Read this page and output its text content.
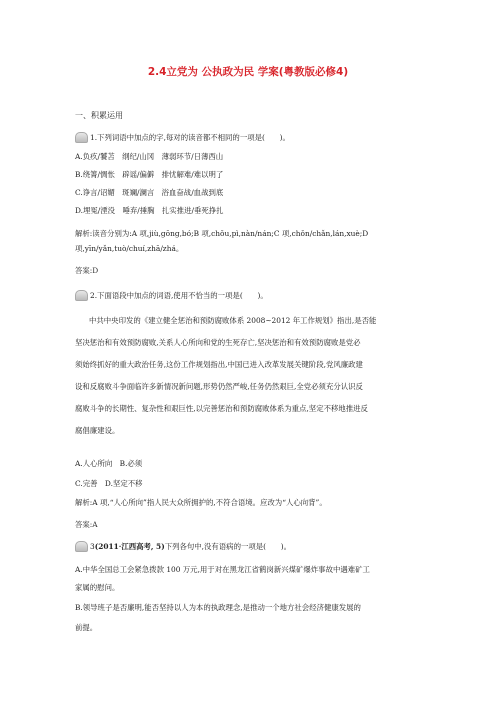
2.4立党为 公执政为民 学案(粤教版必修4)
一、积累运用
1.下列词语中加点的字,每对的读音都不相同的一项是(　　)。
A.负疚/饕苫　纲纪/山冈　薄弱环节/日薄西山
B.绕箐/惆怅　辟谣/偏僻　排忧解难/难以明了
C.诤言/诏媚　斑斓/澜言　浴血奋战/血战到底
D.埋冤/湮没　唾弃/捶胸　扎实推进/垂死挣扎
解析:读音分别为:A 项,jiù,gōng,bó;B 项,chǒu,pì,nàn/nán;C 项,chǒn/chǎn,lán,xuè;D
项,yīn/yǎn,tuò/chuí,zhā/zhá。
答案:D
2.下面语段中加点的词语,使用不恰当的一项是(　　)。
中共中央印发的《建立健全惩治和预防腐败体系 2008~2012 年工作规划》指出,是否能
坚决惩治和有效预防腐败,关系人心所向和党的生死存亡,坚决惩治和有效预防腐败是党必
须始终抓好的重大政治任务,这份工作规划指出,中国已进入改革发展关键阶段,党风廉政建
设和反腐败斗争面临许多新情况新问题,形势仍然严峻,任务仍然艰巨,全党必须充分认识反
腐败斗争的长期性、复杂性和艰巨性,以完善惩治和预防腐败体系为重点,坚定不移地推进反
腐倡廉建设。
A.人心所向　B.必须
C.完善　D.坚定不移
解析:A 项,“人心所向”指人民大众所拥护的,不符合语境。应改为“人心向背”。
答案:A
3 (2011·江西高考, 5) 下列各句中,没有语病的一项是(　　)。
A.中华全国总工会紧急拨款 100 万元,用于对在黑龙江省鹤岗新兴煤矿爆炸事故中遇难矿工
家属的慰问。
B.领导班子是否廉明,能否坚持以人为本的执政理念,是推动一个地方社会经济健康发展的
前提。
